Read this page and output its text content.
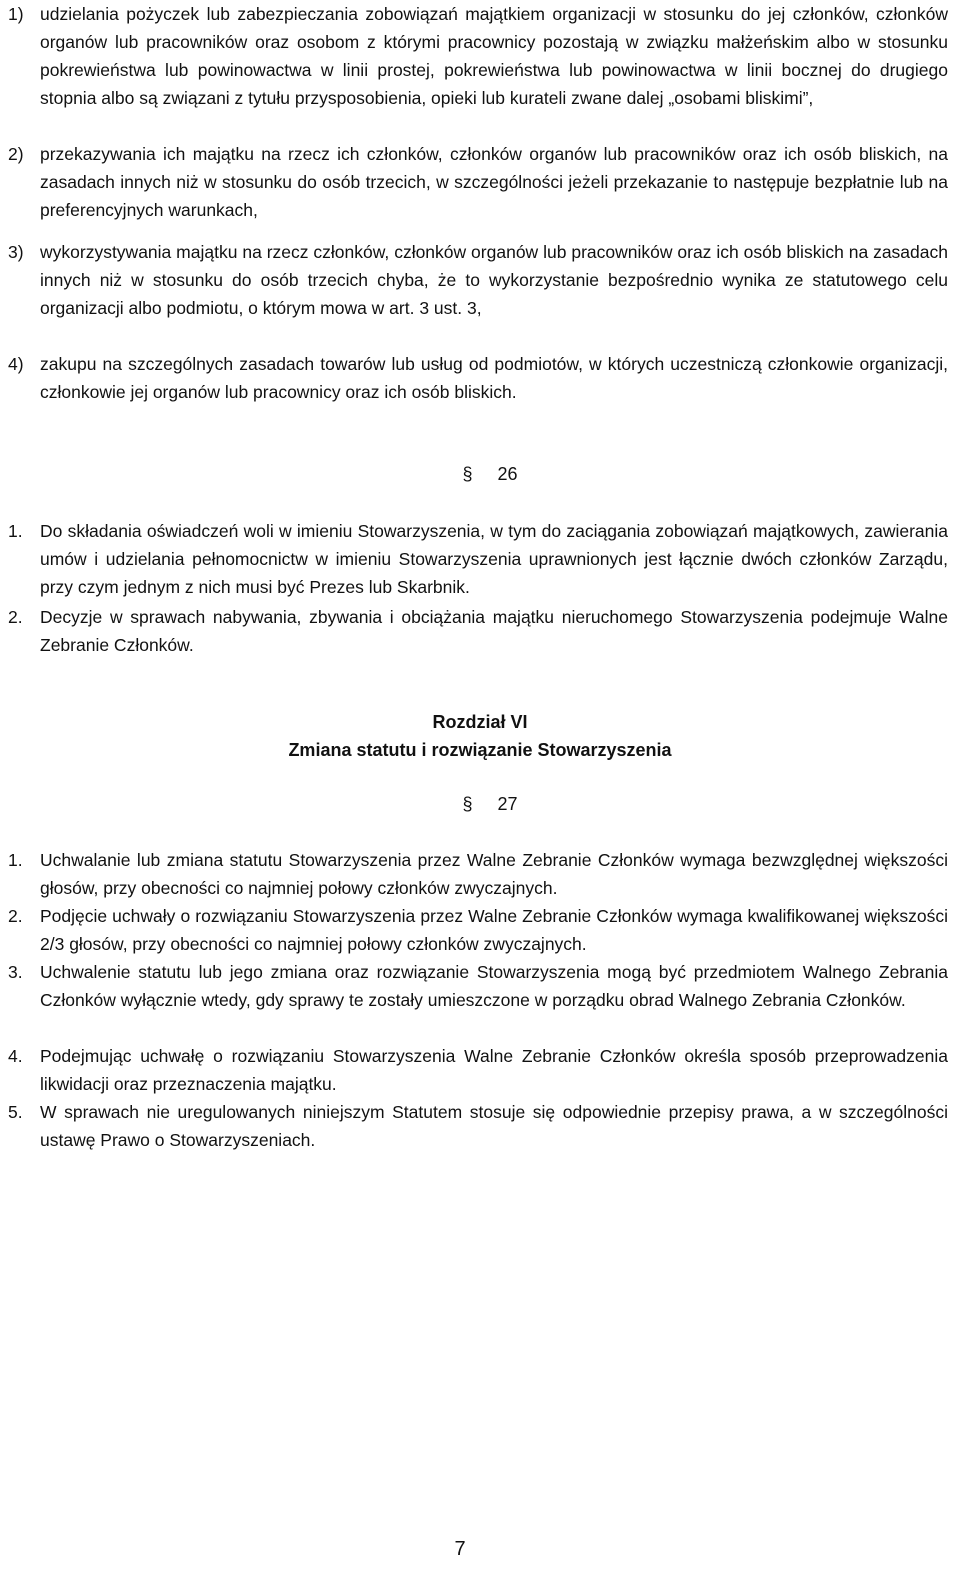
1) udzielania pożyczek lub zabezpieczania zobowiązań majątkiem organizacji w stosunku do jej członków, członków organów lub pracowników oraz osobom z którymi pracownicy pozostają w związku małżeńskim albo w stosunku pokrewieństwa lub powinowactwa w linii prostej, pokrewieństwa lub powinowactwa w linii bocznej do drugiego stopnia albo są związani z tytułu przysposobienia, opieki lub kurateli zwane dalej „osobami bliskimi”,
2) przekazywania ich majątku na rzecz ich członków, członków organów lub pracowników oraz ich osób bliskich, na zasadach innych niż w stosunku do osób trzecich, w szczególności jeżeli przekazanie to następuje bezpłatnie lub na preferencyjnych warunkach,
3) wykorzystywania majątku na rzecz członków, członków organów lub pracowników oraz ich osób bliskich na zasadach innych niż w stosunku do osób trzecich chyba, że to wykorzystanie bezpośrednio wynika ze statutowego celu organizacji albo podmiotu, o którym mowa w art. 3 ust. 3,
4) zakupu na szczególnych zasadach towarów lub usług od podmiotów, w których uczestniczą członkowie organizacji, członkowie jej organów lub pracownicy oraz ich osób bliskich.
§ 26
1. Do składania oświadczeń woli w imieniu Stowarzyszenia, w tym do zaciągania zobowiązań majątkowych, zawierania umów i udzielania pełnomocnictw w imieniu Stowarzyszenia uprawnionych jest łącznie dwóch członków Zarządu, przy czym jednym z nich musi być Prezes lub Skarbnik.
2. Decyzje w sprawach nabywania, zbywania i obciążania majątku nieruchomego Stowarzyszenia podejmuje Walne Zebranie Członków.
Rozdział VI
Zmiana statutu i rozwiązanie Stowarzyszenia
§ 27
1. Uchwalanie lub zmiana statutu Stowarzyszenia przez Walne Zebranie Członków wymaga bezwzględnej większości głosów, przy obecności co najmniej połowy członków zwyczajnych.
2. Podjęcie uchwały o rozwiązaniu Stowarzyszenia przez Walne Zebranie Członków wymaga kwalifikowanej większości 2/3 głosów, przy obecności co najmniej połowy członków zwyczajnych.
3. Uchwalenie statutu lub jego zmiana oraz rozwiązanie Stowarzyszenia mogą być przedmiotem Walnego Zebrania Członków wyłącznie wtedy, gdy sprawy te zostały umieszczone w porządku obrad Walnego Zebrania Członków.
4. Podejmując uchwałę o rozwiązaniu Stowarzyszenia Walne Zebranie Członków określa sposób przeprowadzenia likwidacji oraz przeznaczenia majątku.
5. W sprawach nie uregulowanych niniejszym Statutem stosuje się odpowiednie przepisy prawa, a w szczególności ustawę Prawo o Stowarzyszeniach.
7
